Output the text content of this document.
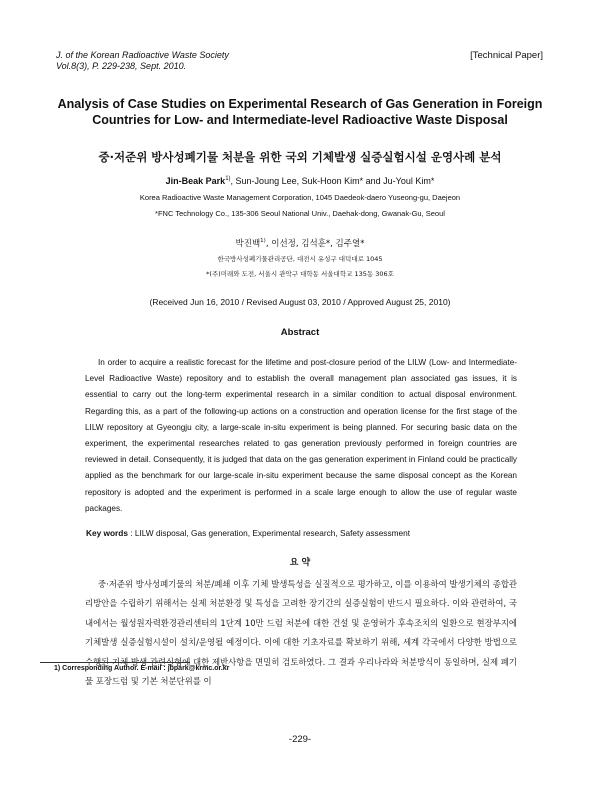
J. of the Korean Radioactive Waste Society
Vol.8(3), P. 229-238, Sept. 2010.
[Technical Paper]
Analysis of Case Studies on Experimental Research of Gas Generation in Foreign
Countries for Low- and Intermediate-level Radioactive Waste Disposal
중·저준위 방사성폐기물 처분을 위한 국외 기체발생 실증실험시설 운영사례 분석
Jin-Beak Park$^{1)}$, Sun-Joung Lee, Suk-Hoon Kim* and Ju-Youl Kim*
Korea Radioactive Waste Management Corporation, 1045 Daedeok-daero Yuseong-gu, Daejeon
*FNC Technology Co., 135-306 Seoul National Univ., Daehak-dong, Gwanak-Gu, Seoul
박진백$^{1)}$, 이선정, 김석훈*, 김주열*
한국방사성폐기물관리공단, 대전시 유성구 대덕대로 1045
*(주)미래와 도전, 서울시 관악구 대학동 서울대학교 135동 306호
(Received Jun 16, 2010 / Revised August 03, 2010 / Approved August 25, 2010)
Abstract
In order to acquire a realistic forecast for the lifetime and post-closure period of the LILW (Low- and Intermediate-Level Radioactive Waste) repository and to establish the overall management plan associated gas issues, it is essential to carry out the long-term experimental research in a similar condition to actual disposal environment. Regarding this, as a part of the following-up actions on a construction and operation license for the first stage of the LILW repository at Gyeongju city, a large-scale in-situ experiment is being planned. For securing basic data on the experiment, the experimental researches related to gas generation previously performed in foreign countries are reviewed in detail. Consequently, it is judged that data on the gas generation experiment in Finland could be practically applied as the benchmark for our large-scale in-situ experiment because the same disposal concept as the Korean repository is adopted and the experiment is performed in a scale large enough to allow the use of regular waste packages.
Key words : LILW disposal, Gas generation, Experimental research, Safety assessment
요 약
중·저준위 방사성폐기물의 처분/폐쇄 이후 기체 발생특성을 실질적으로 평가하고, 이를 이용하여 발생기체의 종합관리방안을 수립하기 위해서는 실제 처분환경 및 특성을 고려한 장기간의 실증실험이 반드시 필요하다. 이와 관련하여, 국내에서는 월성원자력환경관리센터의 1단계 10만 드럼 처분에 대한 건설 및 운영허가 후속조치의 일환으로 현장부지에 기체발생 실증실험시설이 설치/운영될 예정이다. 이에 대한 기초자료를 확보하기 위해, 세계 각국에서 다양한 방법으로 수행된 기체 발생 관련실험에 대한 제반사항을 면밀히 검토하였다. 그 결과 우리나라와 처분방식이 동일하며, 실제 폐기물 포장드럼 및 기본 처분단위를 이
1) Corresponding Author. E-mail : jbpark@krmc.or.kr
-229-
